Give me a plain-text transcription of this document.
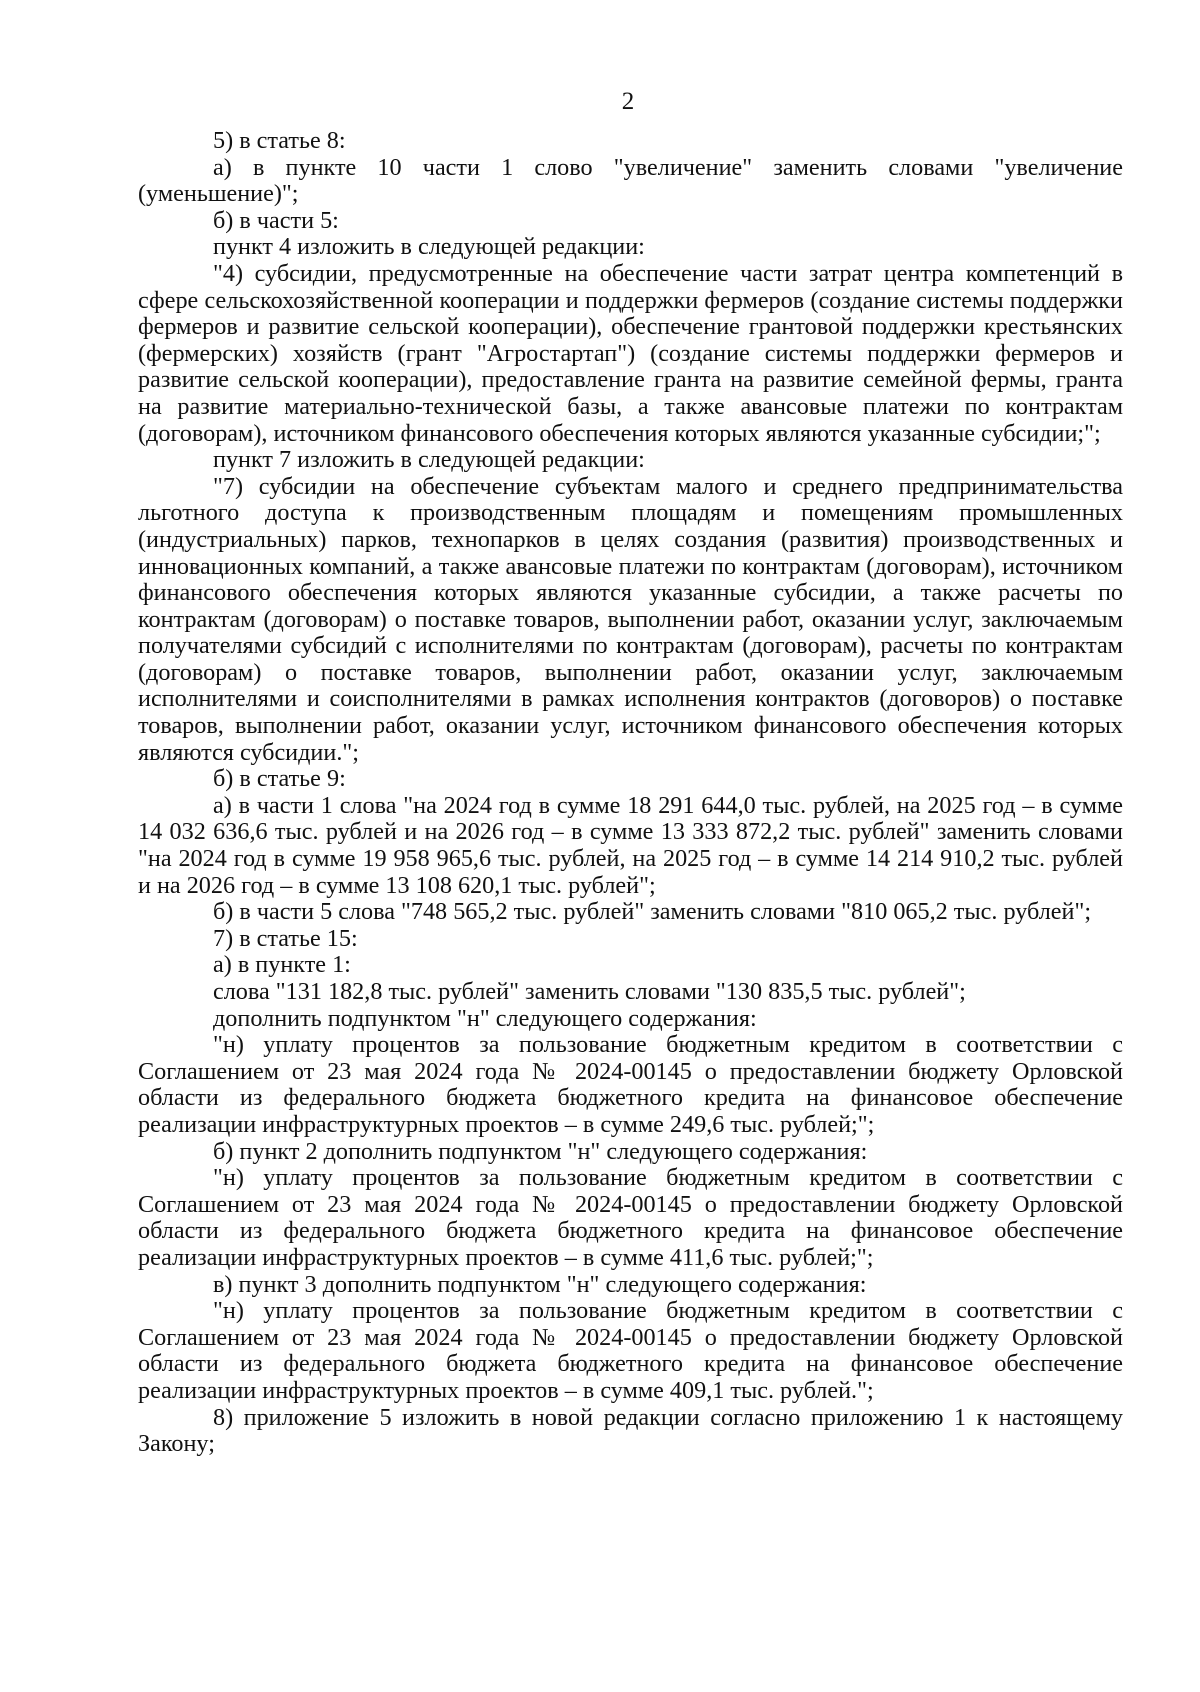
2

5) в статье 8:

а) в пункте 10 части 1 слово "увеличение" заменить словами "увеличение (уменьшение)";

б) в части 5:

пункт 4 изложить в следующей редакции:

"4) субсидии, предусмотренные на обеспечение части затрат центра компетенций в сфере сельскохозяйственной кооперации и поддержки фермеров (создание системы поддержки фермеров и развитие сельской кооперации), обеспечение грантовой поддержки крестьянских (фермерских) хозяйств (грант "Агростартап") (создание системы поддержки фермеров и развитие сельской кооперации), предоставление гранта на развитие семейной фермы, гранта на развитие материально-технической базы, а также авансовые платежи по контрактам (договорам), источником финансового обеспечения которых являются указанные субсидии;";

пункт 7 изложить в следующей редакции:

"7) субсидии на обеспечение субъектам малого и среднего предпринимательства льготного доступа к производственным площадям и помещениям промышленных (индустриальных) парков, технопарков в целях создания (развития) производственных и инновационных компаний, а также авансовые платежи по контрактам (договорам), источником финансового обеспечения которых являются указанные субсидии, а также расчеты по контрактам (договорам) о поставке товаров, выполнении работ, оказании услуг, заключаемым получателями субсидий с исполнителями по контрактам (договорам), расчеты по контрактам (договорам) о поставке товаров, выполнении работ, оказании услуг, заключаемым исполнителями и соисполнителями в рамках исполнения контрактов (договоров) о поставке товаров, выполнении работ, оказании услуг, источником финансового обеспечения которых являются субсидии.";

б) в статье 9:

а) в части 1 слова "на 2024 год в сумме 18 291 644,0 тыс. рублей, на 2025 год – в сумме 14 032 636,6 тыс. рублей и на 2026 год – в сумме 13 333 872,2 тыс. рублей" заменить словами "на 2024 год в сумме 19 958 965,6 тыс. рублей, на 2025 год – в сумме 14 214 910,2 тыс. рублей и на 2026 год – в сумме 13 108 620,1 тыс. рублей";

б) в части 5 слова "748 565,2 тыс. рублей" заменить словами "810 065,2 тыс. рублей";

7) в статье 15:

а) в пункте 1:

слова "131 182,8 тыс. рублей" заменить словами "130 835,5 тыс. рублей";

дополнить подпунктом "н" следующего содержания:

"н) уплату процентов за пользование бюджетным кредитом в соответствии с Соглашением от 23 мая 2024 года № 2024-00145 о предоставлении бюджету Орловской области из федерального бюджета бюджетного кредита на финансовое обеспечение реализации инфраструктурных проектов – в сумме 249,6 тыс. рублей;";

б) пункт 2 дополнить подпунктом "н" следующего содержания:

"н) уплату процентов за пользование бюджетным кредитом в соответствии с Соглашением от 23 мая 2024 года № 2024-00145 о предоставлении бюджету Орловской области из федерального бюджета бюджетного кредита на финансовое обеспечение реализации инфраструктурных проектов – в сумме 411,6 тыс. рублей;";

в) пункт 3 дополнить подпунктом "н" следующего содержания:

"н) уплату процентов за пользование бюджетным кредитом в соответствии с Соглашением от 23 мая 2024 года № 2024-00145 о предоставлении бюджету Орловской области из федерального бюджета бюджетного кредита на финансовое обеспечение реализации инфраструктурных проектов – в сумме 409,1 тыс. рублей.";

8) приложение 5 изложить в новой редакции согласно приложению 1 к настоящему Закону;
